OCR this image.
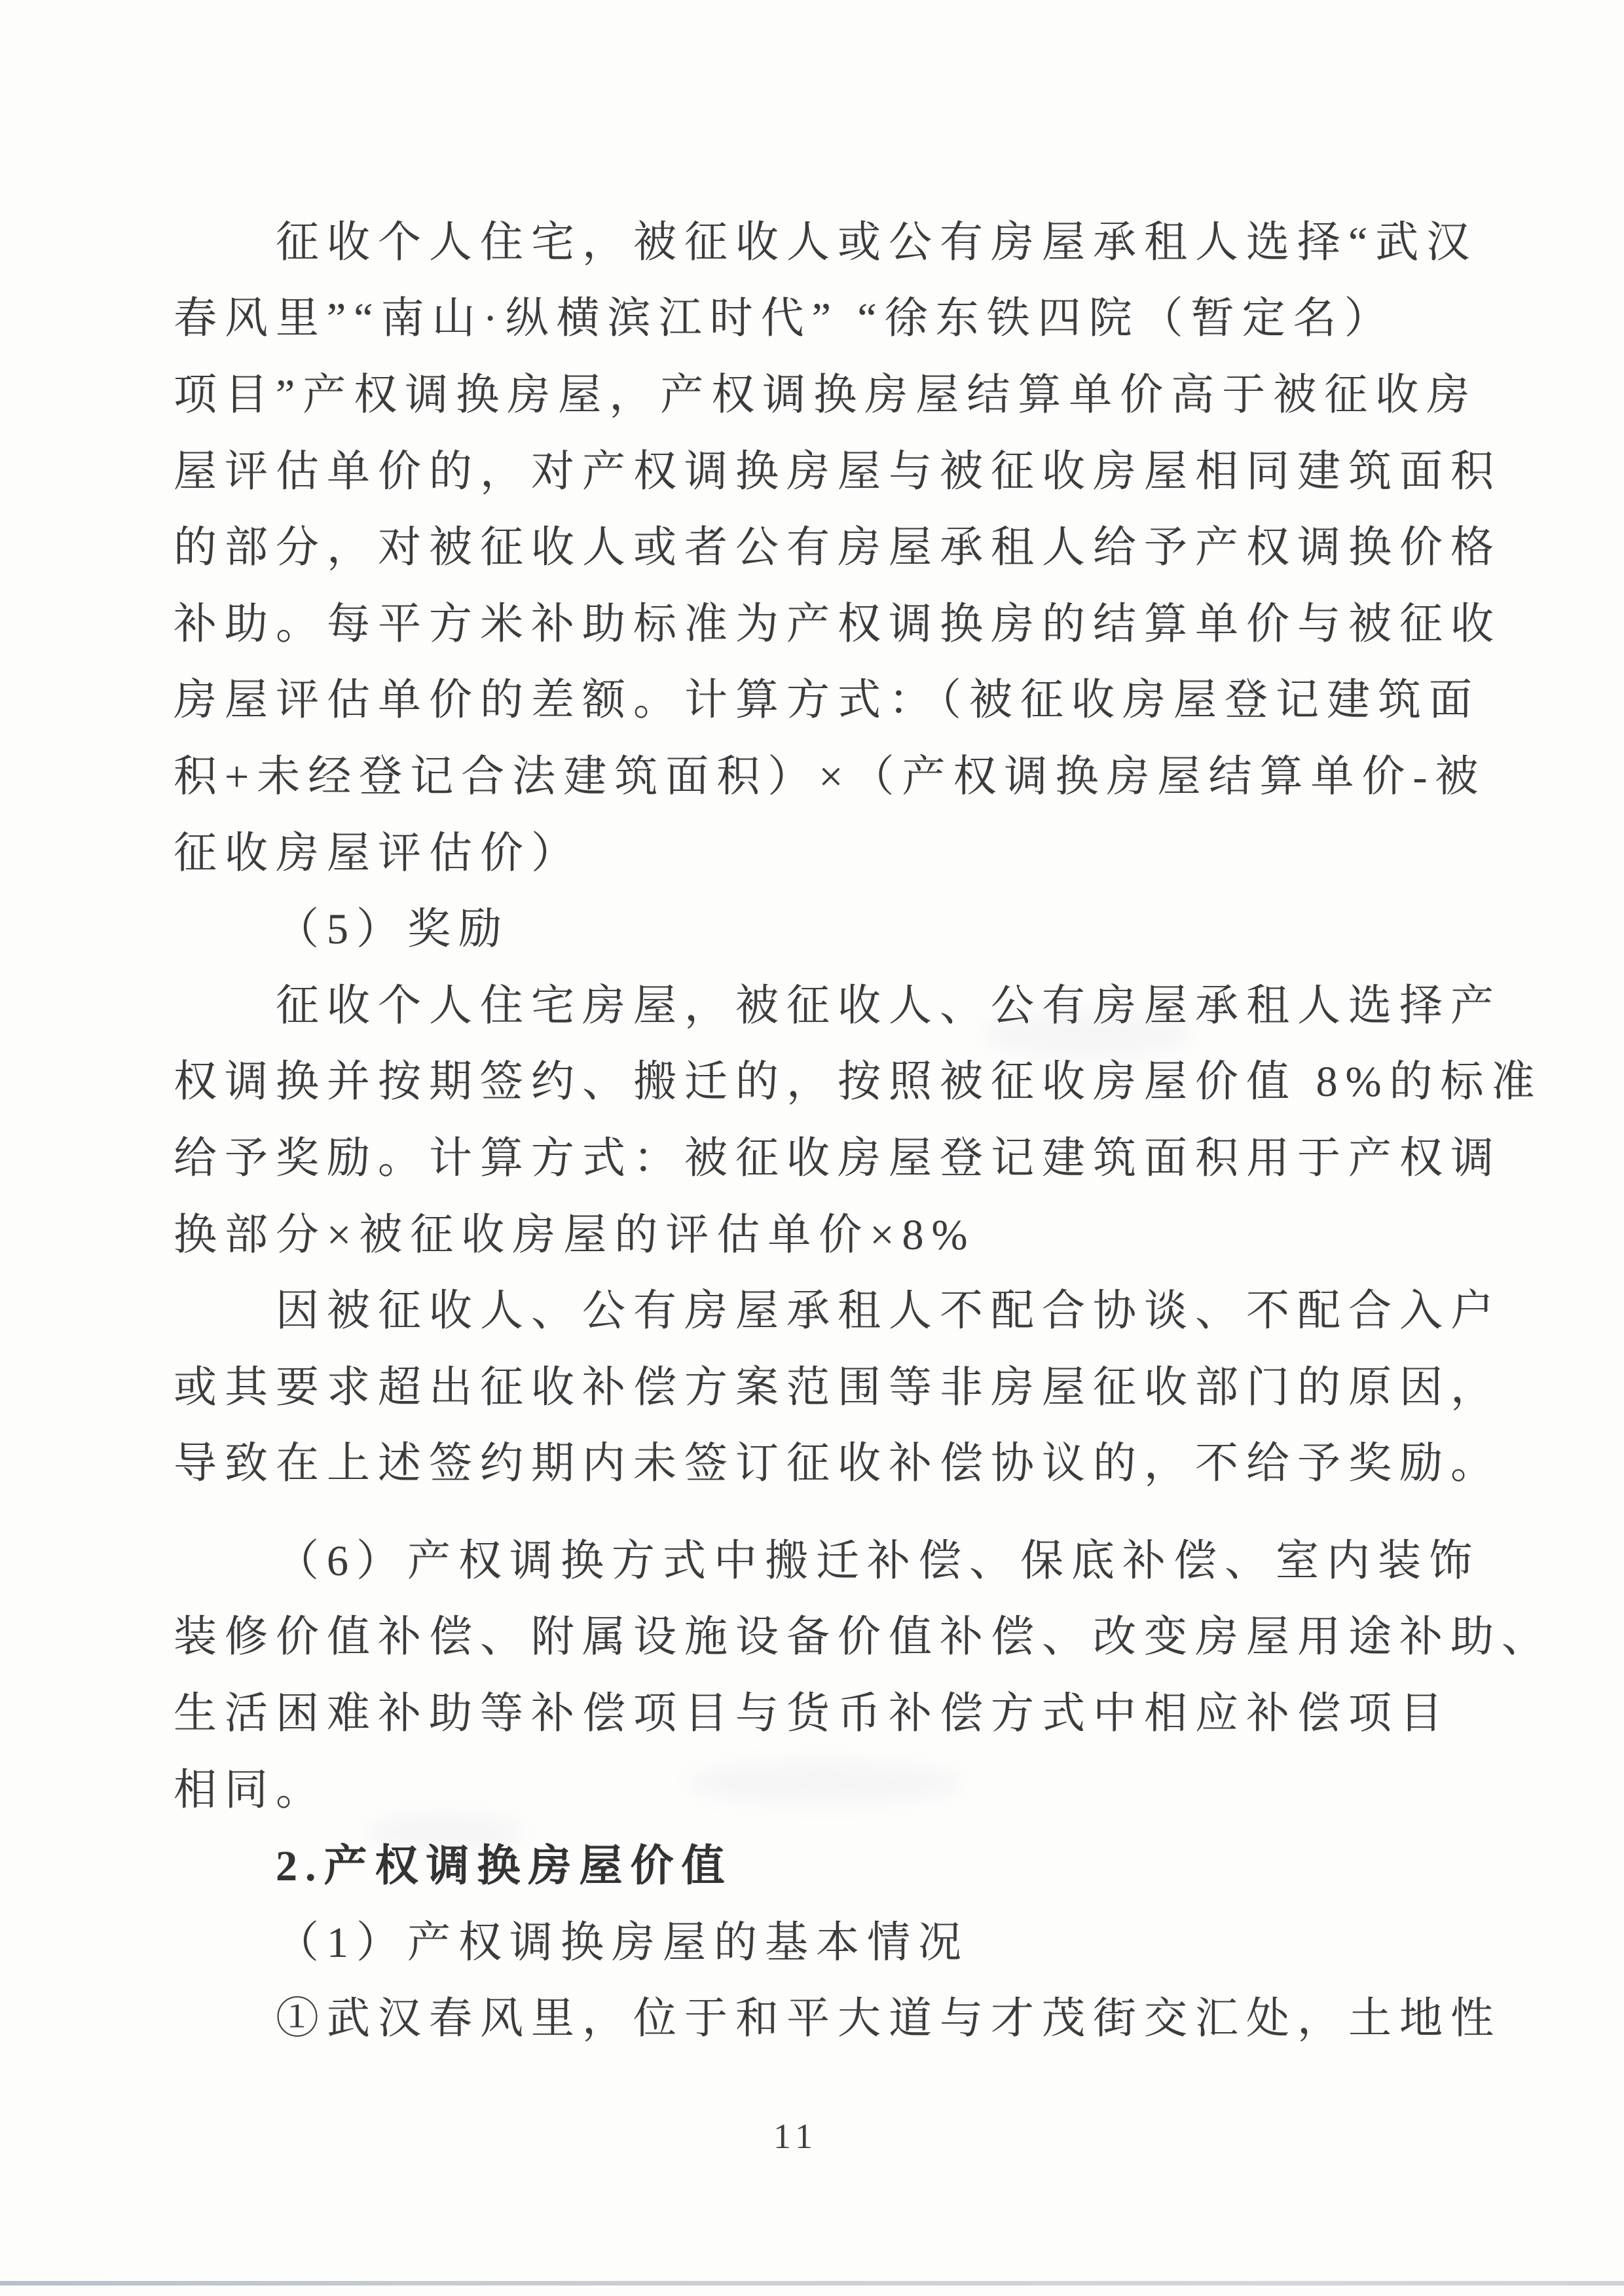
征收个人住宅，被征收人或公有房屋承租人选择“武汉
春风里”“南山·纵横滨江时代” “徐东铁四院（暂定名）
项目”产权调换房屋，产权调换房屋结算单价高于被征收房
屋评估单价的，对产权调换房屋与被征收房屋相同建筑面积
的部分，对被征收人或者公有房屋承租人给予产权调换价格
补助。每平方米补助标准为产权调换房的结算单价与被征收
房屋评估单价的差额。计算方式：（被征收房屋登记建筑面
积+未经登记合法建筑面积）×（产权调换房屋结算单价-被
征收房屋评估价）
（5）奖励
征收个人住宅房屋，被征收人、公有房屋承租人选择产
权调换并按期签约、搬迁的，按照被征收房屋价值 8%的标准
给予奖励。计算方式：被征收房屋登记建筑面积用于产权调
换部分×被征收房屋的评估单价×8%
因被征收人、公有房屋承租人不配合协谈、不配合入户
或其要求超出征收补偿方案范围等非房屋征收部门的原因，
导致在上述签约期内未签订征收补偿协议的，不给予奖励。
（6）产权调换方式中搬迁补偿、保底补偿、室内装饰
装修价值补偿、附属设施设备价值补偿、改变房屋用途补助、
生活困难补助等补偿项目与货币补偿方式中相应补偿项目
相同。
2.产权调换房屋价值
（1）产权调换房屋的基本情况
①武汉春风里，位于和平大道与才茂街交汇处，土地性
11
